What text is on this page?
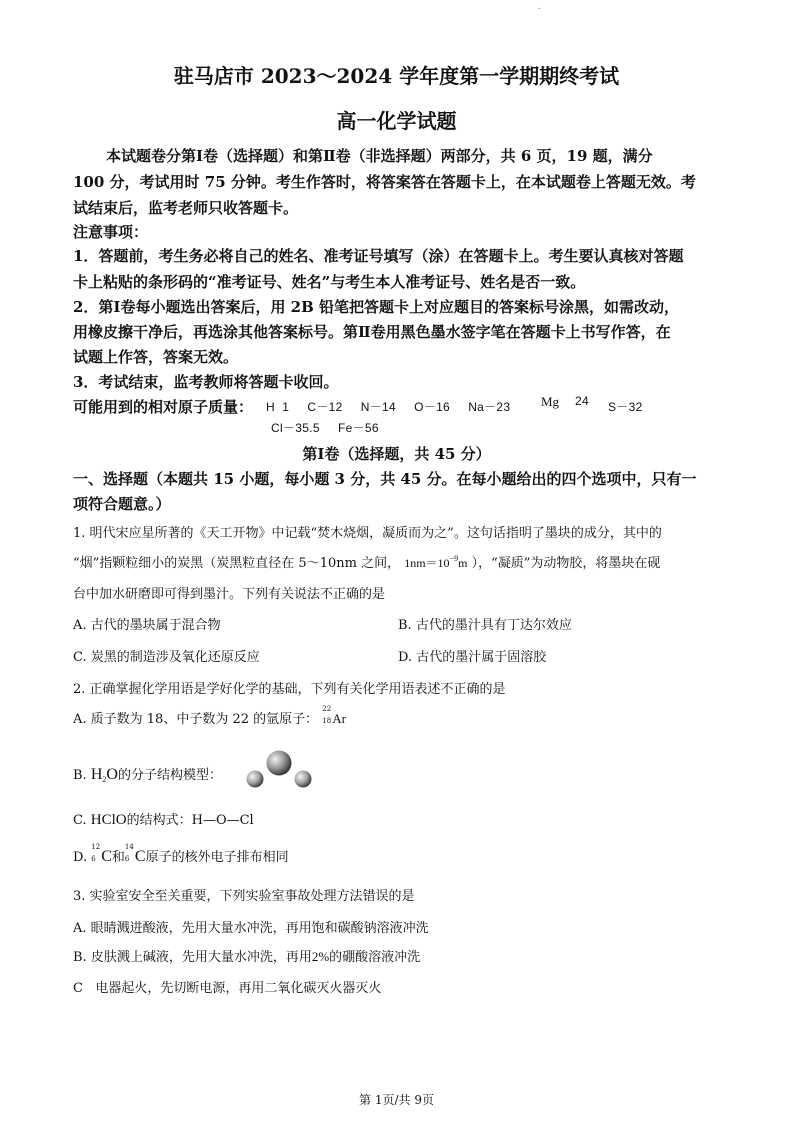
.
驻马店市 2023～2024 学年度第一学期期终考试
高一化学试题
本试题卷分第Ⅰ卷（选择题）和第Ⅱ卷（非选择题）两部分，共 6 页，19 题，满分
100 分，考试用时 75 分钟。考生作答时，将答案答在答题卡上，在本试题卷上答题无效。考
试结束后，监考老师只收答题卡。
注意事项：
1．答题前，考生务必将自己的姓名、准考证号填写（涂）在答题卡上。考生要认真核对答题
卡上粘贴的条形码的“准考证号、姓名”与考生本人准考证号、姓名是否一致。
2．第Ⅰ卷每小题选出答案后，用 2B 铅笔把答题卡上对应题目的答案标号涂黑，如需改动，
用橡皮擦干净后，再选涂其他答案标号。第Ⅱ卷用黑色墨水签字笔在答题卡上书写作答，在
试题上作答，答案无效。
3．考试结束，监考教师将答题卡收回。
可能用到的相对原子质量： H  1     C－12     N－14     O－16     Na－23 Mg 24 S－32
Cl－35.5     Fe－56
第Ⅰ卷（选择题，共 45 分）
一、选择题（本题共 15 小题，每小题 3 分，共 45 分。在每小题给出的四个选项中，只有一
项符合题意。）
1. 明代宋应星所著的《天工开物》中记载“焚木烧烟，凝质而为之”。这句话指明了墨块的成分，其中的
“烟”指颗粒细小的炭黑（炭黑粒直径在 5～10nm 之间， $1nm=10^{-9}m$ ），“凝质”为动物胶，将墨块在砚
台中加水研磨即可得到墨汁。下列有关说法不正确的是
A. 古代的墨块属于混合物	B. 古代的墨汁具有丁达尔效应
C. 炭黑的制造涉及氧化还原反应	D. 古代的墨汁属于固溶胶
2. 正确掌握化学用语是学好化学的基础，下列有关化学用语表述不正确的是
A. 质子数为 18、中子数为 22 的氩原子：
22
18 Ar
B. $H_2O$的分子结构模型：
C. HClO的结构式：H—O—Cl
D.
12
6 C和
14
6 C原子的核外电子排布相同
3. 实验室安全至关重要，下列实验室事故处理方法错误的是
A. 眼睛溅进酸液，先用大量水冲洗，再用饱和碳酸钠溶液冲洗
B. 皮肤溅上碱液，先用大量水冲洗，再用2%的硼酸溶液冲洗
C   电器起火，先切断电源，再用二氧化碳灭火器灭火
第 1页/共 9页
